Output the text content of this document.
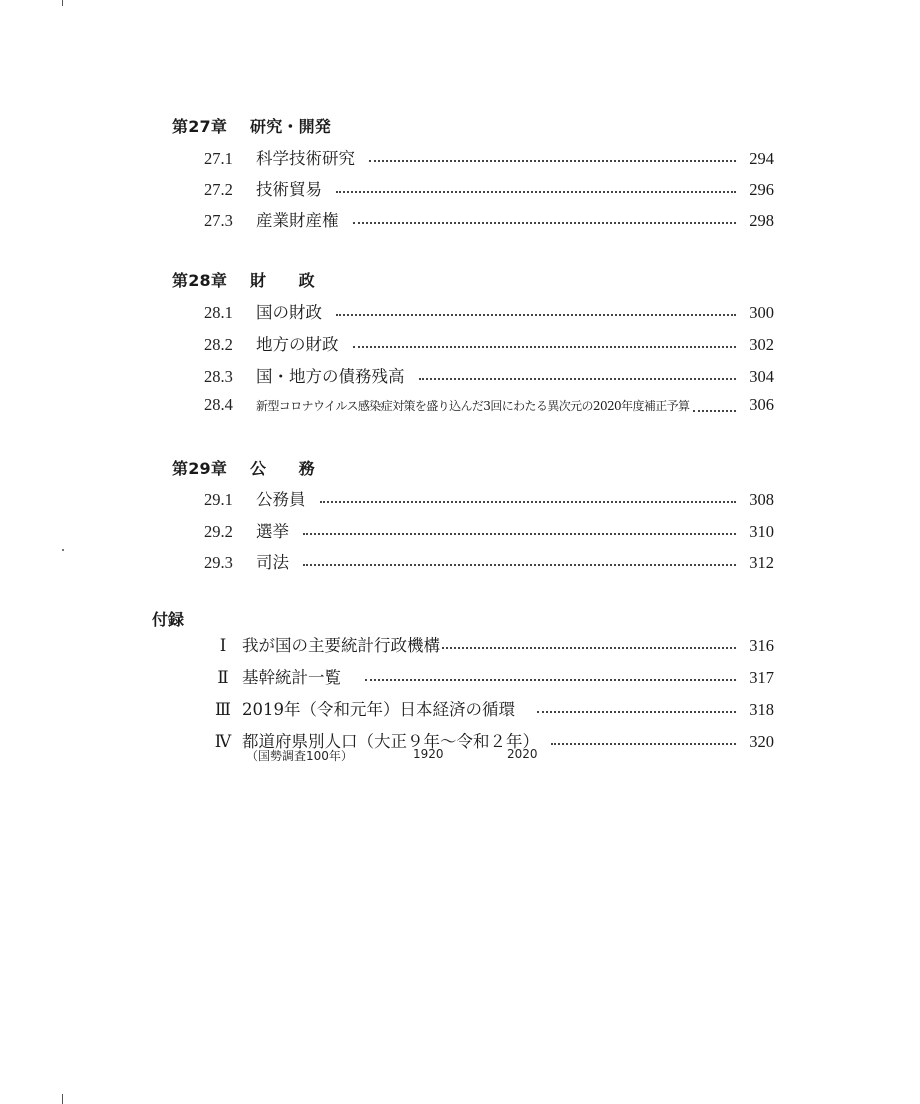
第27章 研究・開発
27.1	科学技術研究	294
27.2	技術貿易	296
27.3	産業財産権	298
第28章 財　　政
28.1	国の財政	300
28.2	地方の財政	302
28.3	国・地方の債務残高	304
28.4	新型コロナウイルス感染症対策を盛り込んだ3回にわたる異次元の2020年度補正予算	306
第29章 公　　務
29.1	公務員	308
29.2	選挙	310
29.3	司法	312
付録
Ⅰ 我が国の主要統計行政機構	316
Ⅱ 基幹統計一覧	317
Ⅲ 2019年（令和元年）日本経済の循環	318
Ⅳ 都道府県別人口（大正９年～令和２年）	320
（国勢調査100年）	1920	2020
